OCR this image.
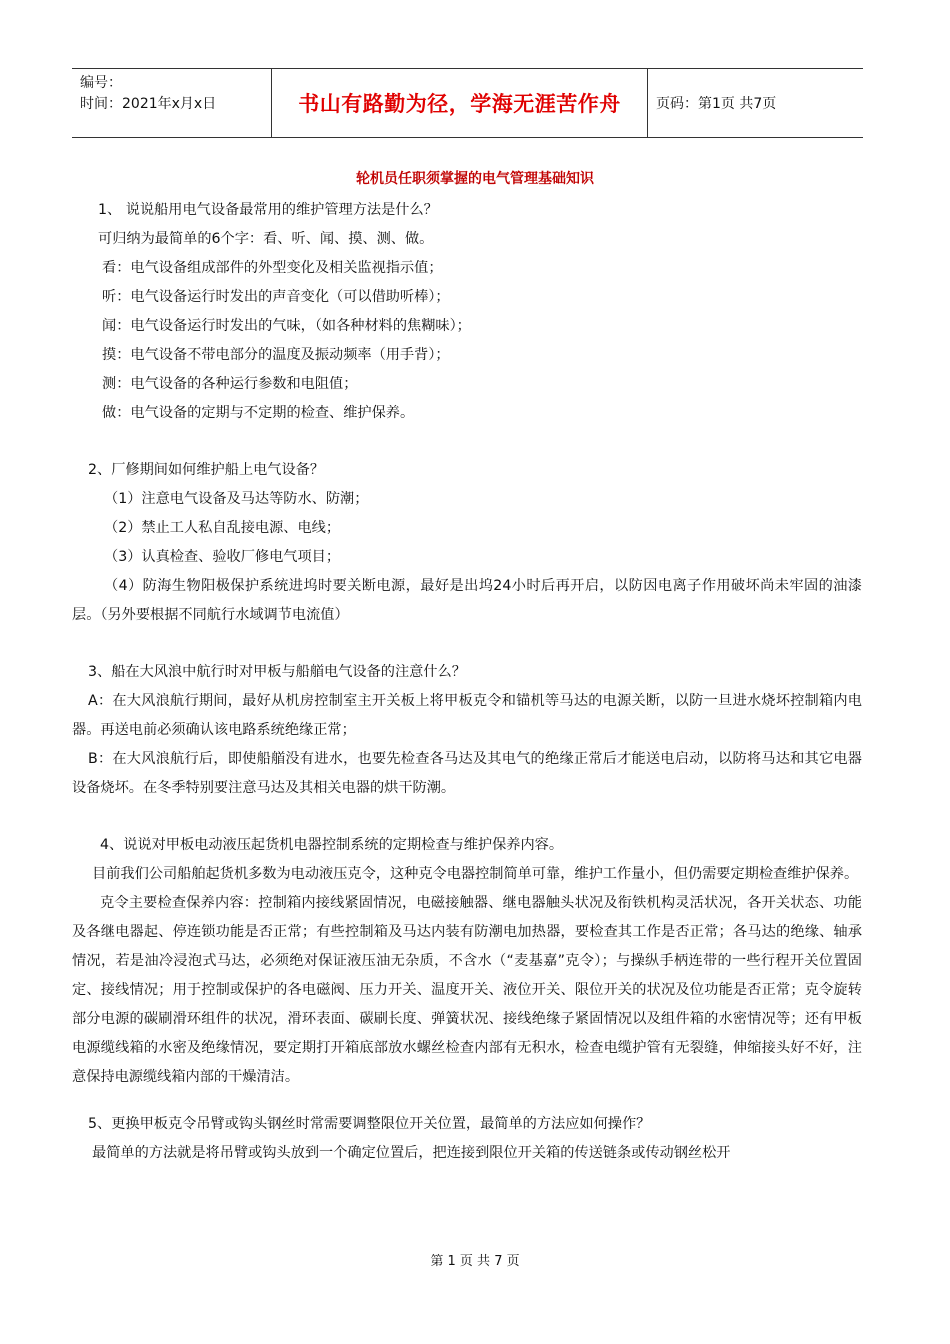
编号：
时间：2021年x月x日	书山有路勤为径，学海无涯苦作舟	页码：第1页 共7页
轮机员任职须掌握的电气管理基础知识

1、 说说船用电气设备最常用的维护管理方法是什么？

可归纳为最简单的6个字：看、听、闻、摸、测、做。

看：电气设备组成部件的外型变化及相关监视指示值；

听：电气设备运行时发出的声音变化（可以借助听棒）；

闻：电气设备运行时发出的气味，（如各种材料的焦糊味）；

摸：电气设备不带电部分的温度及振动频率（用手背）；

测：电气设备的各种运行参数和电阻值；

做：电气设备的定期与不定期的检查、维护保养。

2、厂修期间如何维护船上电气设备？

（1）注意电气设备及马达等防水、防潮；

（2）禁止工人私自乱接电源、电线；

（3）认真检查、验收厂修电气项目；

（4）防海生物阳极保护系统进坞时要关断电源，最好是出坞24小时后再开启，以防因电离子作用破坏尚未牢固的油漆层。（另外要根据不同航行水域调节电流值）

3、船在大风浪中航行时对甲板与船艏电气设备的注意什么？

A：在大风浪航行期间，最好从机房控制室主开关板上将甲板克令和锚机等马达的电源关断，以防一旦进水烧坏控制箱内电器。再送电前必须确认该电路系统绝缘正常；

B：在大风浪航行后，即使船艏没有进水，也要先检查各马达及其电气的绝缘正常后才能送电启动，以防将马达和其它电器设备烧坏。在冬季特别要注意马达及其相关电器的烘干防潮。

4、说说对甲板电动液压起货机电器控制系统的定期检查与维护保养内容。

目前我们公司船舶起货机多数为电动液压克令，这种克令电器控制简单可靠，维护工作量小，但仍需要定期检查维护保养。

克令主要检查保养内容：控制箱内接线紧固情况，电磁接触器、继电器触头状况及衔铁机构灵活状况，各开关状态、功能及各继电器起、停连锁功能是否正常；有些控制箱及马达内装有防潮电加热器，要检查其工作是否正常；各马达的绝缘、轴承情况，若是油冷浸泡式马达，必须绝对保证液压油无杂质，不含水（“麦基嘉”克令）；与操纵手柄连带的一些行程开关位置固定、接线情况；用于控制或保护的各电磁阀、压力开关、温度开关、液位开关、限位开关的状况及位功能是否正常；克令旋转部分电源的碳刷滑环组件的状况，滑环表面、碳刷长度、弹簧状况、接线绝缘子紧固情况以及组件箱的水密情况等；还有甲板电源缆线箱的水密及绝缘情况，要定期打开箱底部放水螺丝检查内部有无积水，检查电缆护管有无裂缝，伸缩接头好不好，注意保持电源缆线箱内部的干燥清洁。

5、更换甲板克令吊臂或钩头钢丝时常需要调整限位开关位置，最简单的方法应如何操作？

最简单的方法就是将吊臂或钩头放到一个确定位置后，把连接到限位开关箱的传送链条或传动钢丝松开

第 1 页 共 7 页
